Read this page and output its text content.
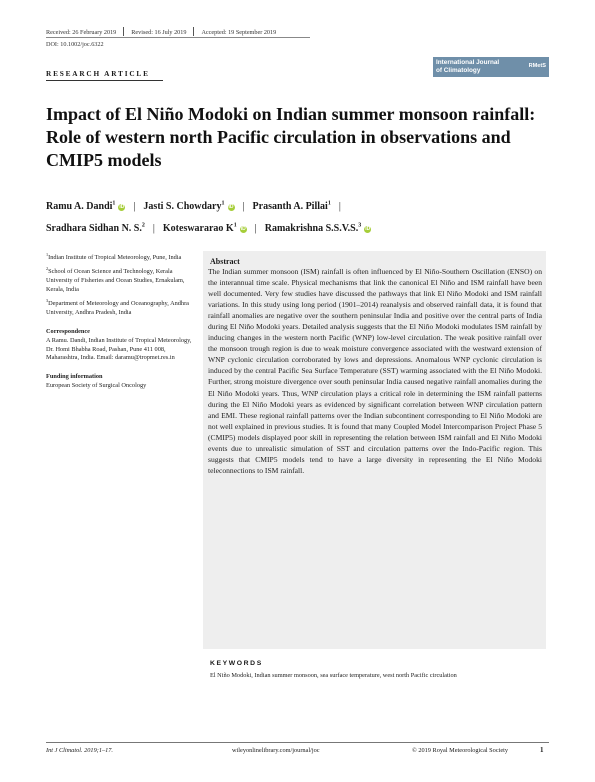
Received: 26 February 2019 Revised: 16 July 2019 Accepted: 19 September 2019
DOI: 10.1002/joc.6322
RESEARCH ARTICLE
International Journal
of Climatology
RMetS
Impact of El Niño Modoki on Indian summer monsoon rainfall: Role of western north Pacific circulation in observations and CMIP5 models
Ramu A. Dandi$^1$iD | Jasti S. Chowdary$^1$iD | Prasanth A. Pillai$^1$ |
Sradhara Sidhan N. S.$^2$ | Koteswararao $K^1iD$ | Ramakrishna S.S.V.S.$^3$iD
$^1$Indian Institute of Tropical Meteorology, Pune, India
$^2$School of Ocean Science and Technology, Kerala University of Fisheries and Ocean Studies, Ernakulam, Kerala, India
$^3$Department of Meteorology and Oceanography, Andhra University, Andhra Pradesh, India
Correspondence
A Ramu. Dandi, Indian Institute of Tropical Meteorology, Dr. Homi Bhabha Road, Pashan, Pune 411 008, Maharashtra, India. Email: daramu@tropmet.res.in
Funding information
European Society of Surgical Oncology
Abstract
The Indian summer monsoon (ISM) rainfall is often influenced by El Niño-Southern Oscillation (ENSO) on the interannual time scale. Physical mechanisms that link the canonical El Niño and ISM rainfall have been well documented. Very few studies have discussed the pathways that link El Niño Modoki and ISM rainfall variations. In this study using long period (1901–2014) reanalysis and observed rainfall data, it is found that rainfall anomalies are negative over the southern peninsular India and positive over the central parts of India during El Niño Modoki years. Detailed analysis suggests that the El Niño Modoki modulates ISM rainfall by inducing changes in the western north Pacific (WNP) low-level circulation. The weak positive rainfall over the monsoon trough region is due to weak moisture convergence associated with the westward extension of WNP cyclonic circulation corroborated by lows and depressions. Anomalous WNP cyclonic circulation is induced by the central Pacific Sea Surface Temperature (SST) warming associated with the El Niño Modoki. Further, strong moisture divergence over south peninsular India caused negative rainfall anomalies during the El Niño Modoki years. Thus, WNP circulation plays a critical role in determining the ISM rainfall patterns during the El Niño Modoki years as evidenced by significant correlation between WNP circulation pattern and EMI. These regional rainfall patterns over the Indian subcontinent corresponding to El Niño Modoki are not well explained in previous studies. It is found that many Coupled Model Intercomparison Project Phase 5 (CMIP5) models displayed poor skill in representing the relation between ISM rainfall and El Niño Modoki events due to unrealistic simulation of SST and circulation patterns over the Indo-Pacific region. This suggests that CMIP5 models tend to have a large diversity in representing the El Niño Modoki teleconnections to ISM rainfall.
KEYWORDS
El Niño Modoki, Indian summer monsoon, sea surface temperature, west north Pacific circulation
Int J Climatol. 2019;1–17.	wileyonlinelibrary.com/journal/joc	© 2019 Royal Meteorological Society	1
